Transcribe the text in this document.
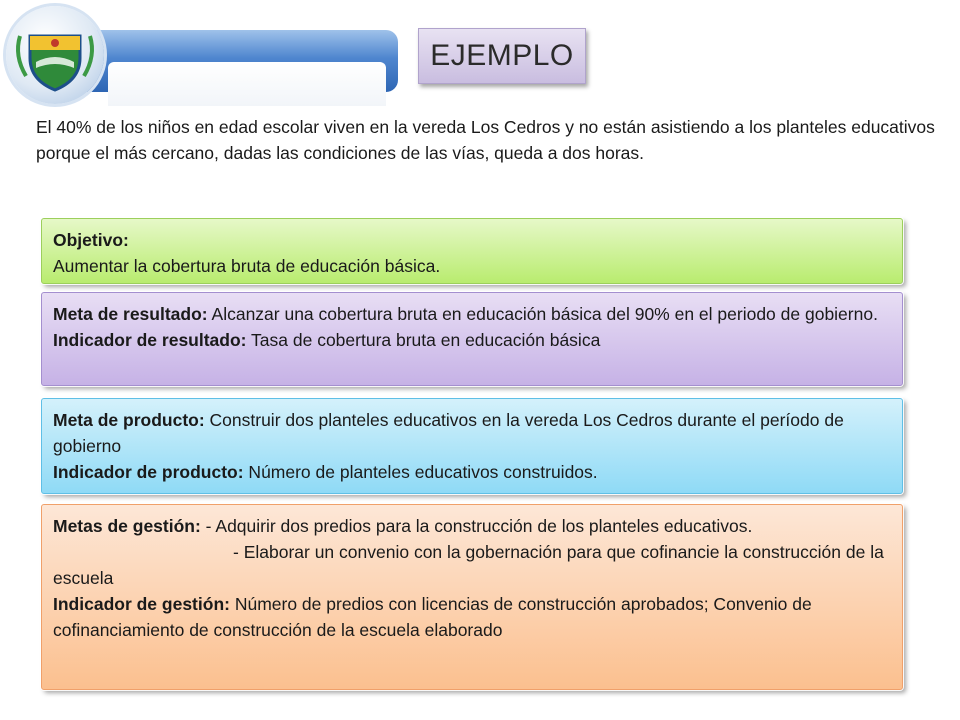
EJEMPLO
El 40% de los niños en edad escolar viven en la vereda Los Cedros y no están asistiendo a los planteles educativos porque el más cercano, dadas las condiciones de las vías, queda a dos horas.
Objetivo:
Aumentar la cobertura bruta de educación básica.
Meta de resultado: Alcanzar una cobertura bruta en educación básica del 90% en el periodo de gobierno.
Indicador de resultado: Tasa de cobertura bruta en educación básica
Meta de producto: Construir dos planteles educativos en la vereda Los Cedros durante el período de gobierno
Indicador de producto: Número de planteles educativos construidos.
Metas de gestión: - Adquirir dos predios para la construcción de los planteles educativos.
- Elaborar un convenio con la gobernación para que cofinancie la construcción de la escuela
Indicador de gestión: Número de predios con licencias de construcción aprobados; Convenio de cofinanciamiento de construcción de la escuela elaborado
